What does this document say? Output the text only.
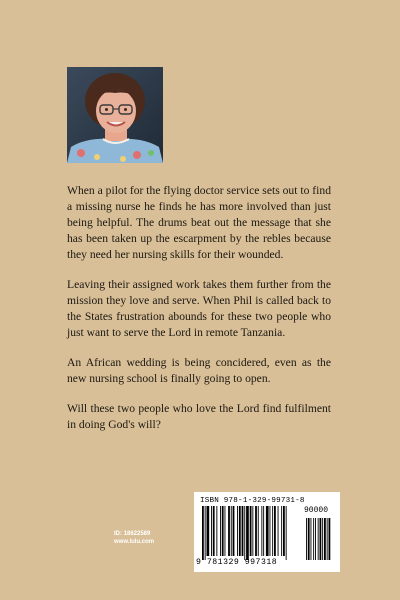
When a pilot for the flying doctor service sets out to find a missing nurse he finds he has more involved than just being helpful. The drums beat out the message that she has been taken up the escarpment by the rebles because they need her nursing skills for their wounded.

Leaving their assigned work takes them further from the mission they love and serve. When Phil is called back to the States frustration abounds for these two people who just want to serve the Lord in remote Tanzania.

An African wedding is being concidered, even as the new nursing school is finally going to open.

Will these two people who love the Lord find fulfilment in doing God's will?

ID: 18622589
www.lulu.com
ISBN 978-1-329-99731-8
90000
9 781329 997318
